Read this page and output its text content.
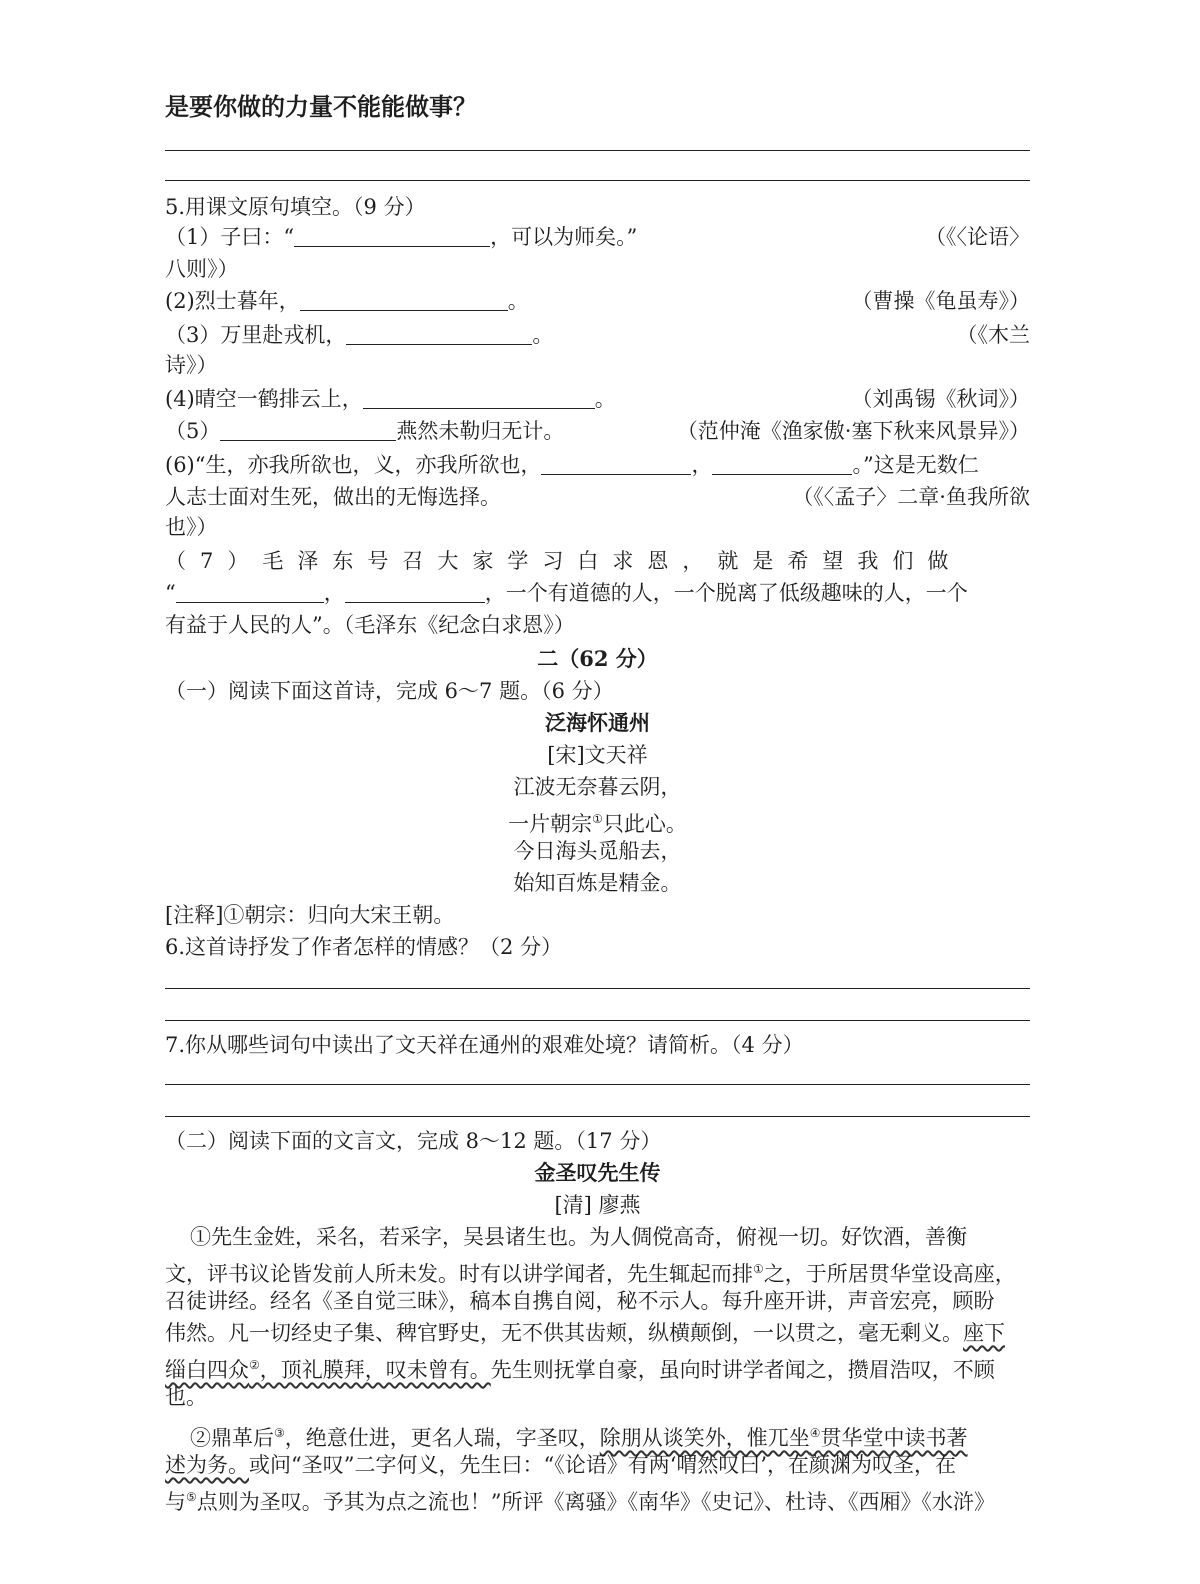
是要你做的力量不能能做事？
5.用课文原句填空。（9 分）
（1）子曰：“	，可以为师矣。”	（《〈论语〉
八则》）
(2)烈士暮年，	。	（曹操《龟虽寿》）
（3）万里赴戎机，	。	（《木兰
诗》）
(4)晴空一鹤排云上，	。	（刘禹锡《秋词》）
（5）	燕然未勒归无计。	（范仲淹《渔家傲·塞下秋来风景异》）
(6)“生，亦我所欲也，义，亦我所欲也，	，	。”这是无数仁
人志士面对生死，做出的无悔选择。	（《〈孟子〉二章·鱼我所欲
也》）
（7）毛泽东号召大家学习白求恩，就是希望我们做
“	，	，一个有道德的人，一个脱离了低级趣味的人，一个
有益于人民的人”。（毛泽东《纪念白求恩》）
二（62 分）
（一）阅读下面这首诗，完成 6～7 题。（6 分）
泛海怀通州
[宋]文天祥
江波无奈暮云阴，
一片朝宗①只此心。
今日海头觅船去，
始知百炼是精金。
[注释]①朝宗：归向大宋王朝。
6.这首诗抒发了作者怎样的情感？（2 分）
7.你从哪些词句中读出了文天祥在通州的艰难处境？请简析。（4 分）
（二）阅读下面的文言文，完成 8～12 题。（17 分）
金圣叹先生传
[清] 廖燕
①先生金姓，采名，若采字，吴县诸生也。为人倜傥高奇，俯视一切。好饮酒，善衡
文，评书议论皆发前人所未发。时有以讲学闻者，先生辄起而排①之，于所居贯华堂设高座，
召徒讲经。经名《圣自觉三昧》，稿本自携自阅，秘不示人。每升座开讲，声音宏亮，顾盼
伟然。凡一切经史子集、稗官野史，无不供其齿颊，纵横颠倒，一以贯之，毫无剩义。座下
缁白四众②，顶礼膜拜，叹未曾有。先生则抚掌自豪，虽向时讲学者闻之，攒眉浩叹，不顾
也。
②鼎革后③，绝意仕进，更名人瑞，字圣叹，除朋从谈笑外，惟兀坐④贯华堂中读书著
述为务。或问“圣叹”二字何义，先生曰：“《论语》有两‘喟然叹曰’，在颜渊为叹圣，在
与⑤点则为圣叹。予其为点之流也！”所评《离骚》《南华》《史记》、杜诗、《西厢》《水浒》
